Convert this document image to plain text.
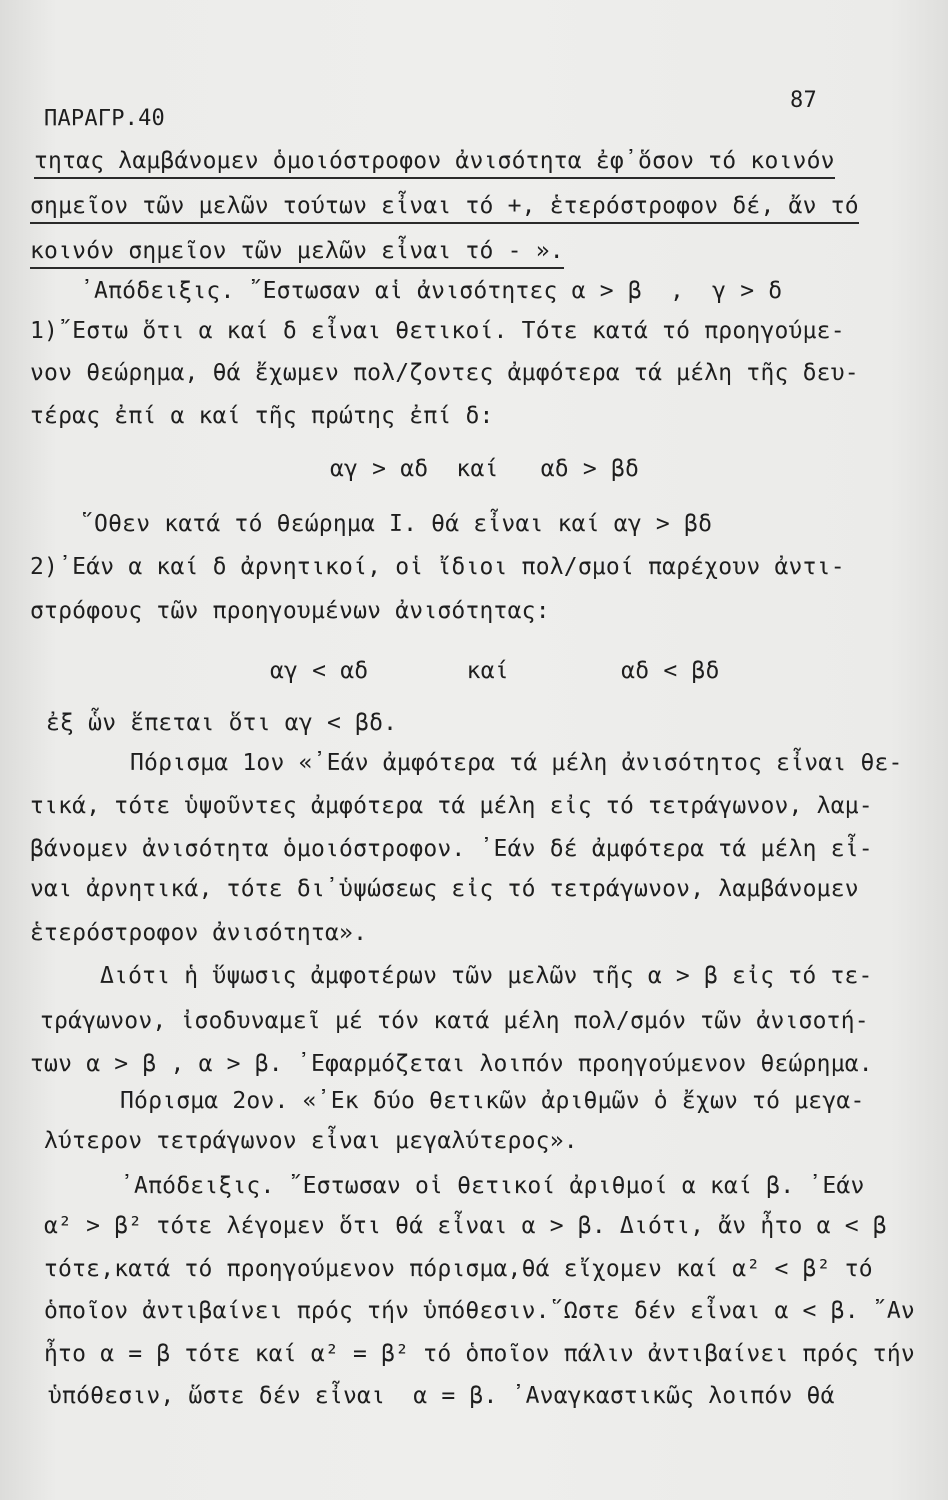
ΠΑΡΑΓΡ.40
87
τητας λαμβάνομεν ὁμοιόστροφον ἀνισότητα ἐφ᾽ὅσον τό κοινόν
σημεῖον τῶν μελῶν τούτων εἶναι τό +, ἑτερόστροφον δέ, ἄν τό
κοινόν σημεῖον τῶν μελῶν εἶναι τό - ».
᾽Απόδειξις. ῎Εστωσαν αἱ ἀνισότητες α > β  ,  γ > δ
1)῎Εστω ὅτι α καί δ εἶναι θετικοί. Τότε κατά τό προηγούμε-
νον θεώρημα, θά ἔχωμεν πολ/ζοντες ἀμφότερα τά μέλη τῆς δευ-
τέρας ἐπί α καί τῆς πρώτης ἐπί δ:
αγ > αδ  καί   αδ > βδ
῞Οθεν κατά τό θεώρημα Ι. θά εἶναι καί αγ > βδ
2)᾽Εάν α καί δ ἀρνητικοί, οἱ ἴδιοι πολ/σμοί παρέχουν ἀντι-
στρόφους τῶν προηγουμένων ἀνισότητας:
αγ < αδ       καί        αδ < βδ
ἐξ ὧν ἕπεται ὅτι αγ < βδ.
Πόρισμα 1ον «᾽Εάν ἀμφότερα τά μέλη ἀνισότητος εἶναι θε-
τικά, τότε ὑψοῦντες ἀμφότερα τά μέλη εἰς τό τετράγωνον, λαμ-
βάνομεν ἀνισότητα ὁμοιόστροφον. ᾽Εάν δέ ἀμφότερα τά μέλη εἶ-
ναι ἀρνητικά, τότε δι᾽ὑψώσεως εἰς τό τετράγωνον, λαμβάνομεν
ἑτερόστροφον ἀνισότητα».
Διότι ἡ ὕψωσις ἀμφοτέρων τῶν μελῶν τῆς α > β εἰς τό τε-
τράγωνον, ἰσοδυναμεῖ μέ τόν κατά μέλη πολ/σμόν τῶν ἀνισοτή-
των α > β , α > β. ᾽Εφαρμόζεται λοιπόν προηγούμενον θεώρημα.
Πόρισμα 2ον. «᾽Εκ δύο θετικῶν ἀριθμῶν ὁ ἔχων τό μεγα-
λύτερον τετράγωνον εἶναι μεγαλύτερος».
᾽Απόδειξις. ῎Εστωσαν οἱ θετικοί ἀριθμοί α καί β. ᾽Εάν
α² > β² τότε λέγομεν ὅτι θά εἶναι α > β. Διότι, ἄν ἦτο α < β
τότε,κατά τό προηγούμενον πόρισμα,θά εἴχομεν καί α² < β² τό
ὁποῖον ἀντιβαίνει πρός τήν ὑπόθεσιν.῞Ωστε δέν εἶναι α < β. ῎Αν
ἦτο α = β τότε καί α² = β² τό ὁποῖον πάλιν ἀντιβαίνει πρός τήν
ὑπόθεσιν, ὥστε δέν εἶναι  α = β. ᾽Αναγκαστικῶς λοιπόν θά
